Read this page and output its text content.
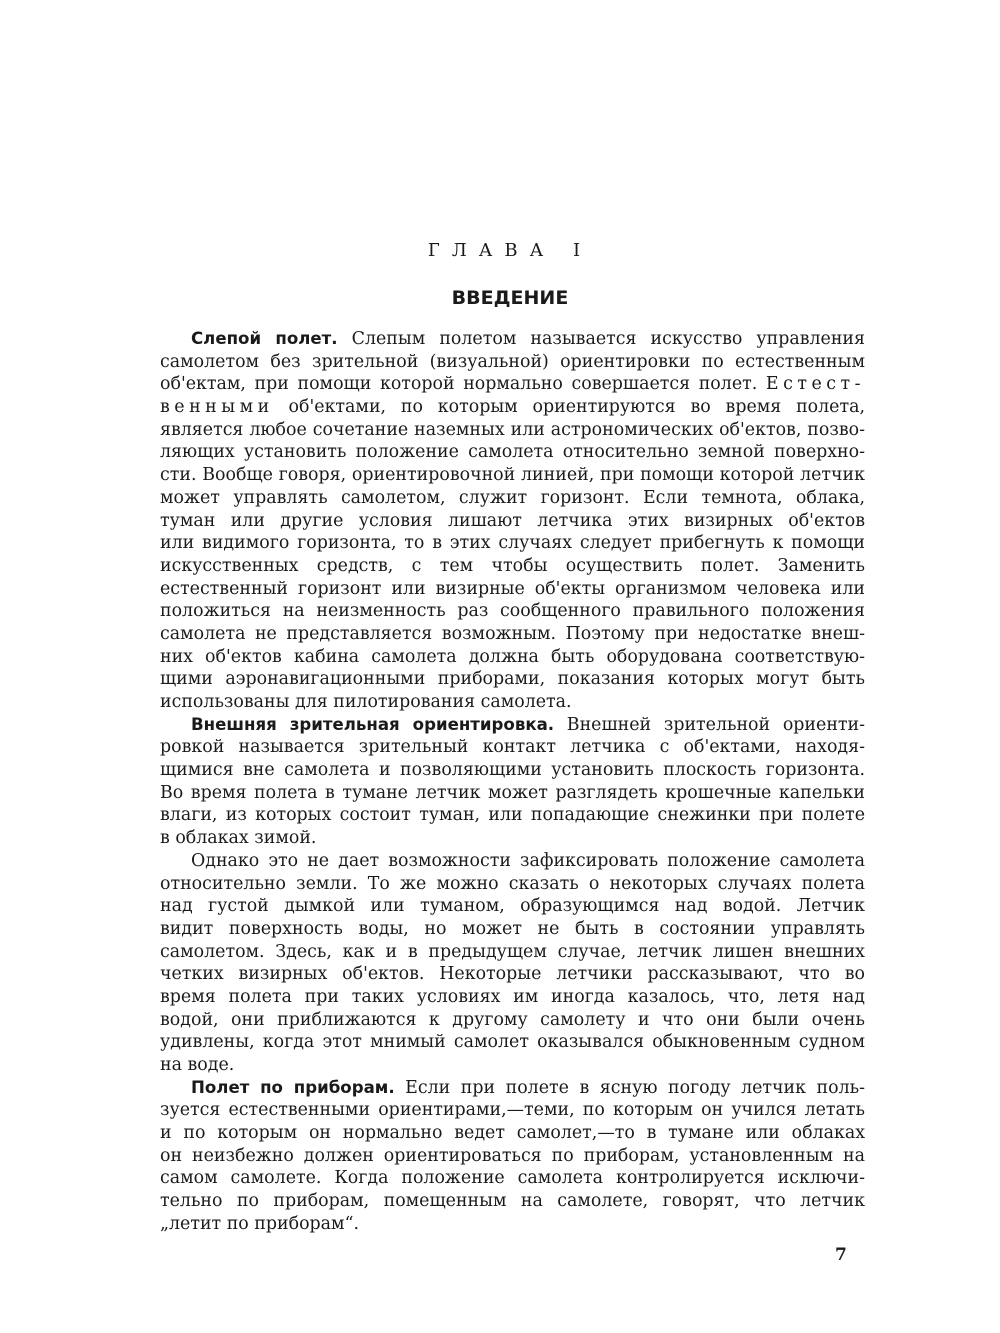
ГЛАВА I
ВВЕДЕНИЕ
Слепой полет. Слепым полетом называется искусство управления
самолетом без зрительной (визуальной) ориентировки по естественным
об'ектам, при помощи которой нормально совершается полет. Естест-
венными об'ектами, по которым ориентируются во время полета,
является любое сочетание наземных или астрономических об'ектов, позво-
ляющих установить положение самолета относительно земной поверхно-
сти. Вообще говоря, ориентировочной линией, при помощи которой летчик
может управлять самолетом, служит горизонт. Если темнота, облака,
туман или другие условия лишают летчика этих визирных об'ектов
или видимого горизонта, то в этих случаях следует прибегнуть к помощи
искусственных средств, с тем чтобы осуществить полет. Заменить
естественный горизонт или визирные об'екты организмом человека или
положиться на неизменность раз сообщенного правильного положения
самолета не представляется возможным. Поэтому при недостатке внеш-
них об'ектов кабина самолета должна быть оборудована соответствую-
щими аэронавигационными приборами, показания которых могут быть
использованы для пилотирования самолета.
Внешняя зрительная ориентировка. Внешней зрительной ориенти-
ровкой называется зрительный контакт летчика с об'ектами, находя-
щимися вне самолета и позволяющими установить плоскость горизонта.
Во время полета в тумане летчик может разглядеть крошечные капельки
влаги, из которых состоит туман, или попадающие снежинки при полете
в облаках зимой.
Однако это не дает возможности зафиксировать положение самолета
относительно земли. То же можно сказать о некоторых случаях полета
над густой дымкой или туманом, образующимся над водой. Летчик
видит поверхность воды, но может не быть в состоянии управлять
самолетом. Здесь, как и в предыдущем случае, летчик лишен внешних
четких визирных об'ектов. Некоторые летчики рассказывают, что во
время полета при таких условиях им иногда казалось, что, летя над
водой, они приближаются к другому самолету и что они были очень
удивлены, когда этот мнимый самолет оказывался обыкновенным судном
на воде.
Полет по приборам. Если при полете в ясную погоду летчик поль-
зуется естественными ориентирами,—теми, по которым он учился летать
и по которым он нормально ведет самолет,—то в тумане или облаках
он неизбежно должен ориентироваться по приборам, установленным на
самом самолете. Когда положение самолета контролируется исключи-
тельно по приборам, помещенным на самолете, говорят, что летчик
„летит по приборам“.
7
